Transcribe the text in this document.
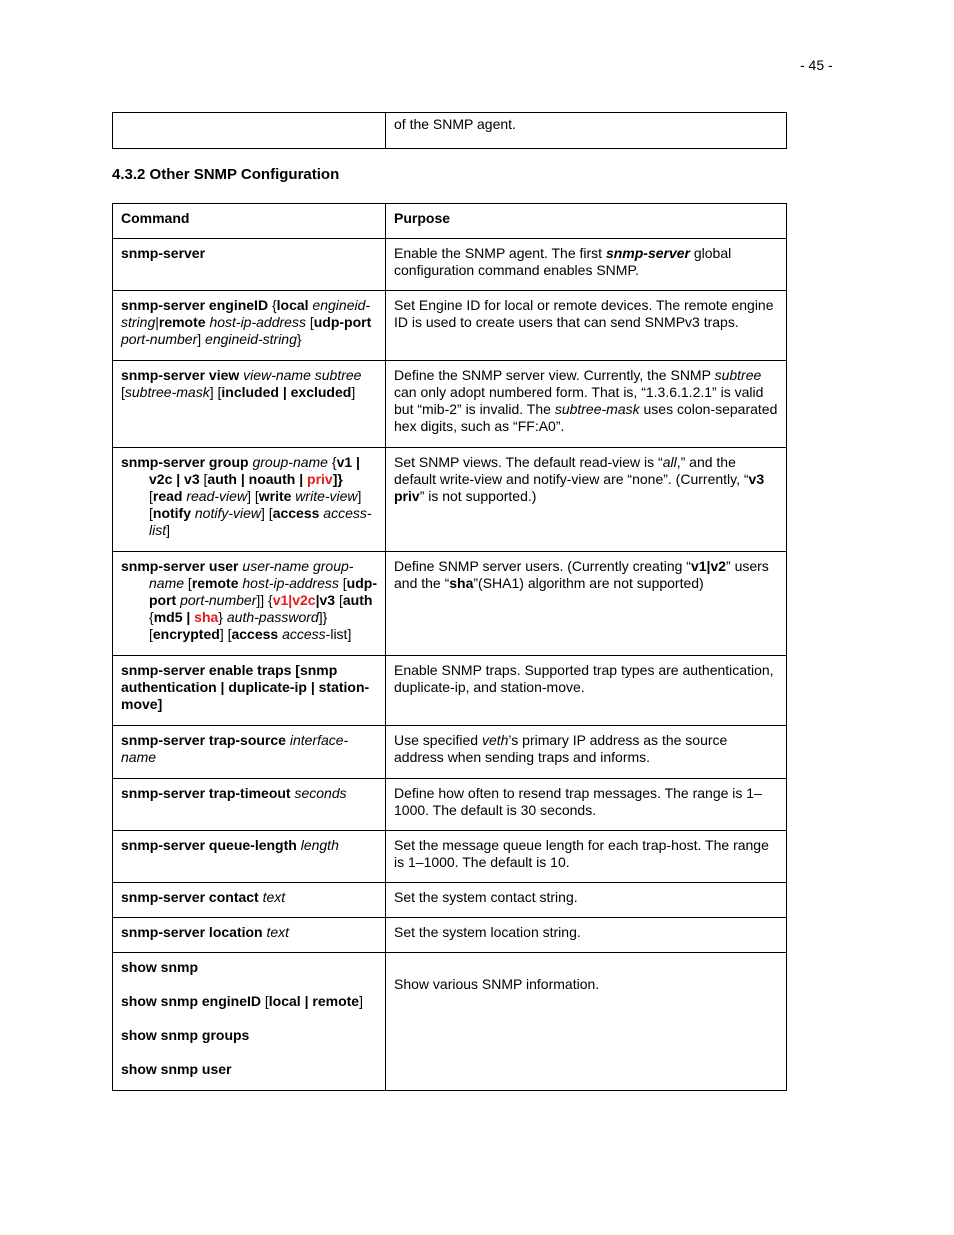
- 45 -
	of the SNMP agent.
4.3.2 Other SNMP Configuration
Command	Purpose
snmp-server	Enable the SNMP agent. The first snmp-server global configuration command enables SNMP.
snmp-server engineID {local engineid-string|remote host-ip-address [udp-port port-number] engineid-string}	Set Engine ID for local or remote devices. The remote engine ID is used to create users that can send SNMPv3 traps.
snmp-server view view-name subtree [subtree-mask] [included | excluded]	Define the SNMP server view. Currently, the SNMP subtree can only adopt numbered form. That is, “1.3.6.1.2.1” is valid but “mib-2” is invalid. The subtree-mask uses colon-separated hex digits, such as “FF:A0”.

snmp-server group group-name {v1 | v2c | v3 [auth | noauth | priv]} [read read-view] [write write-view] [notify notify-view] [access access-list]	Set SNMP views. The default read-view is “all,” and the default write-view and notify-view are “none”. (Currently, “v3 priv” is not supported.)

snmp-server user user-name group-name [remote host-ip-address [udp-port port-number]] {v1|v2c|v3 [auth {md5 | sha} auth-password]} [encrypted] [access access-list]	Define SNMP server users. (Currently creating “v1|v2” users and the “sha”(SHA1) algorithm are not supported)
snmp-server enable traps [snmp authentication | duplicate-ip | station-move]	Enable SNMP traps. Supported trap types are authentication, duplicate-ip, and station-move.
snmp-server trap-source interface-name	Use specified veth’s primary IP address as the source address when sending traps and informs.
snmp-server trap-timeout seconds	Define how often to resend trap messages. The range is 1–1000. The default is 30 seconds.
snmp-server queue-length length	Set the message queue length for each trap-host. The range is 1–1000. The default is 10.
snmp-server contact text	Set the system contact string.
snmp-server location text	Set the system location string.

show snmp
show snmp engineID [local | remote]
show snmp groups
show snmp user	Show various SNMP information.
